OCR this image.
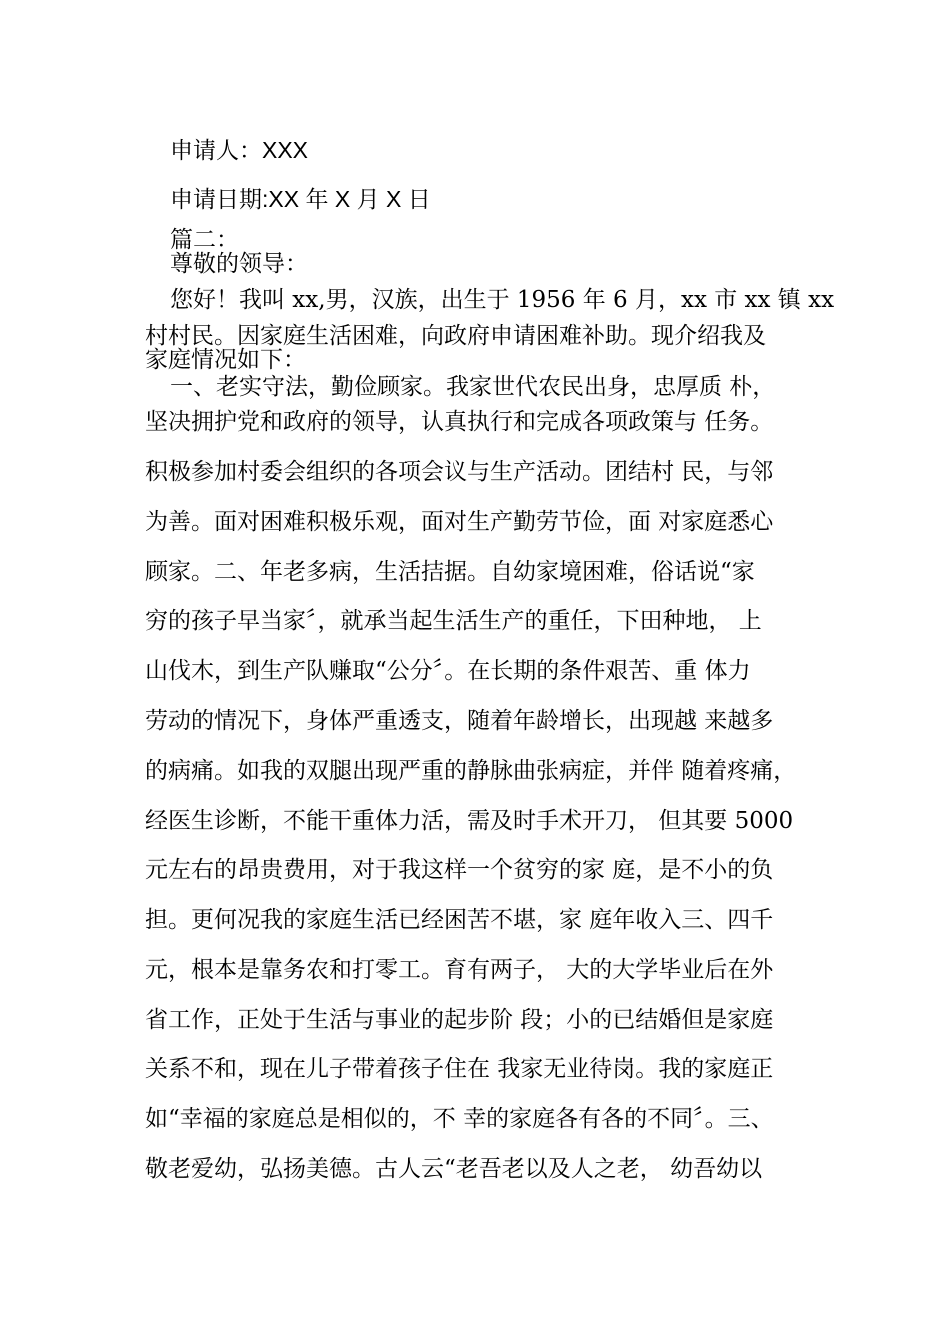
申请人：XXX
申请日期:XX 年 X 月 X 日
篇二：
尊敬的领导：
您好！我叫 xx,男，汉族，出生于 1956 年 6 月，xx 市 xx 镇 xx
村村民。因家庭生活困难，向政府申请困难补助。现介绍我及
家庭情况如下：
一、老实守法，勤俭顾家。我家世代农民出身，忠厚质 朴，
坚决拥护党和政府的领导，认真执行和完成各项政策与 任务。
积极参加村委会组织的各项会议与生产活动。团结村 民，与邻
为善。面对困难积极乐观，面对生产勤劳节俭，面 对家庭悉心
顾家。二、年老多病，生活拮据。自幼家境困难，俗话说“家
穷的孩子早当家〞，就承当起生活生产的重任，下田种地， 上
山伐木，到生产队赚取“公分〞。在长期的条件艰苦、重 体力
劳动的情况下，身体严重透支，随着年龄增长，出现越 来越多
的病痛。如我的双腿出现严重的静脉曲张病症，并伴 随着疼痛，
经医生诊断，不能干重体力活，需及时手术开刀， 但其要 5000
元左右的昂贵费用，对于我这样一个贫穷的家 庭，是不小的负
担。更何况我的家庭生活已经困苦不堪，家 庭年收入三、四千
元，根本是靠务农和打零工。育有两子， 大的大学毕业后在外
省工作，正处于生活与事业的起步阶 段；小的已结婚但是家庭
关系不和，现在儿子带着孩子住在 我家无业待岗。我的家庭正
如“幸福的家庭总是相似的，不 幸的家庭各有各的不同〞。三、
敬老爱幼，弘扬美德。古人云“老吾老以及人之老， 幼吾幼以
